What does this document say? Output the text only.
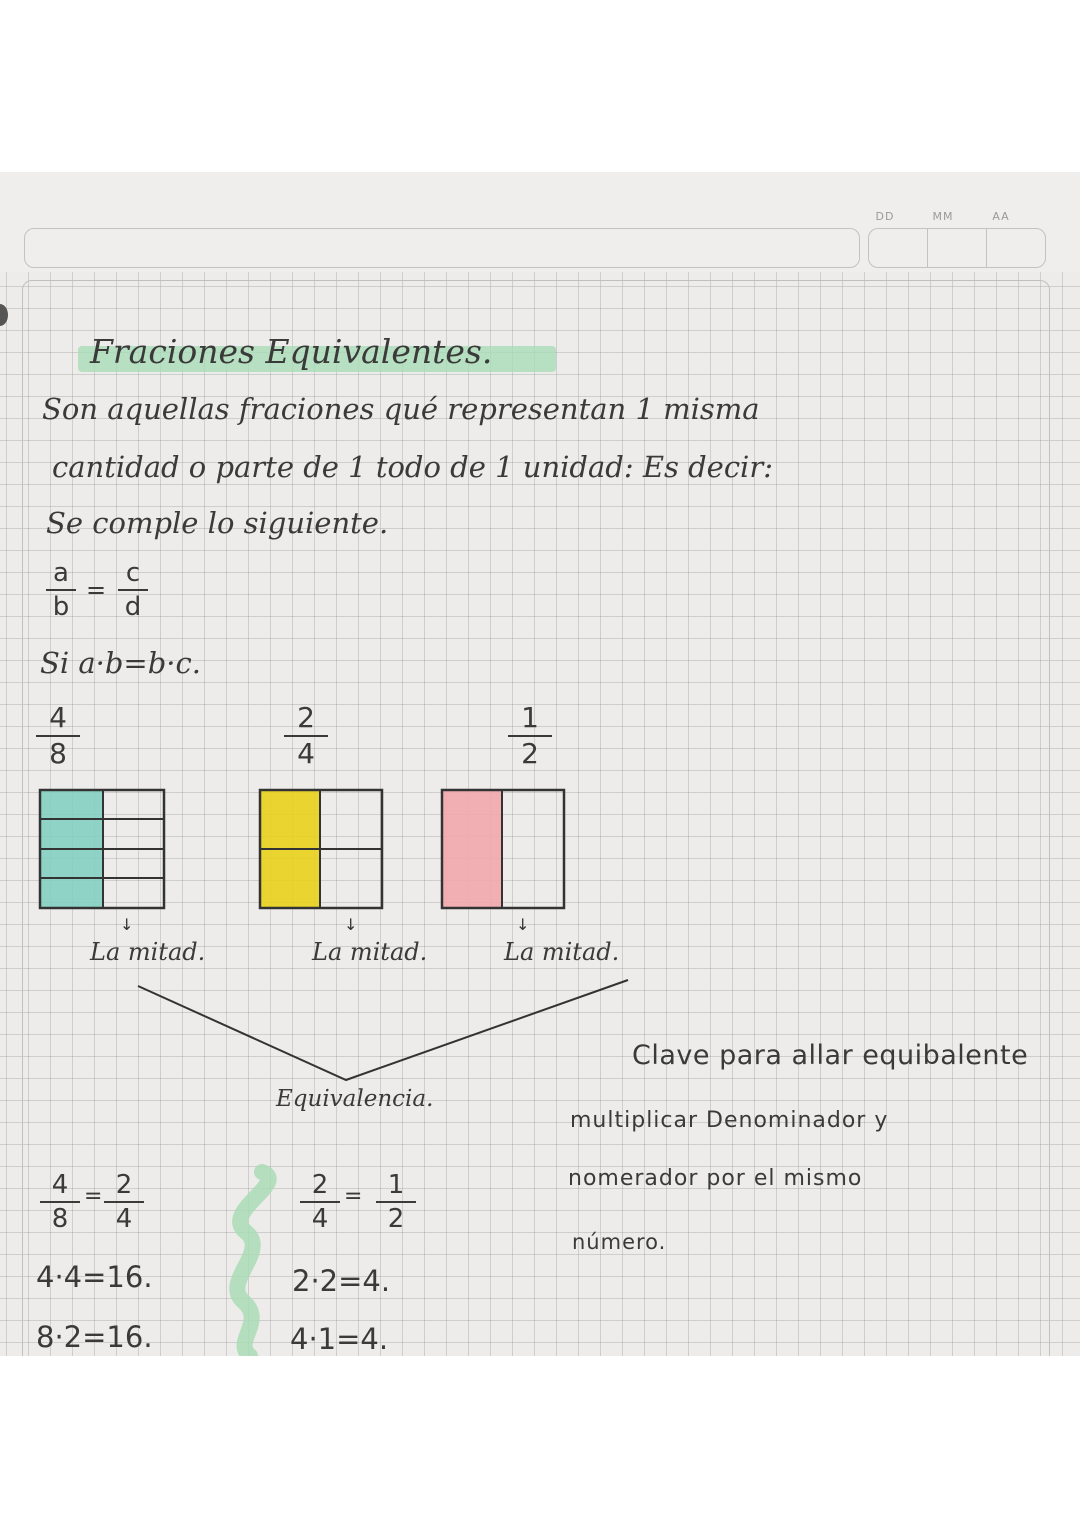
DD	MM	AA
Fraciones Equivalentes.
Son aquellas fraciones qué representan 1 misma
cantidad o parte de 1 todo de 1 unidad: Es decir:
Se comple lo siguiente.
a
b
=
c
d
Si a·b=b·c.
4
8
2
4
1
2
↓	↓	↓
La mitad.	La mitad.	La mitad.
Equivalencia.
Clave para allar equibalente
multiplicar Denominador y
nomerador por el mismo
número.
4
8
= 2
4
4·4=16.
8·2=16.
2
4
= 1
2
2·2=4.
4·1=4.
